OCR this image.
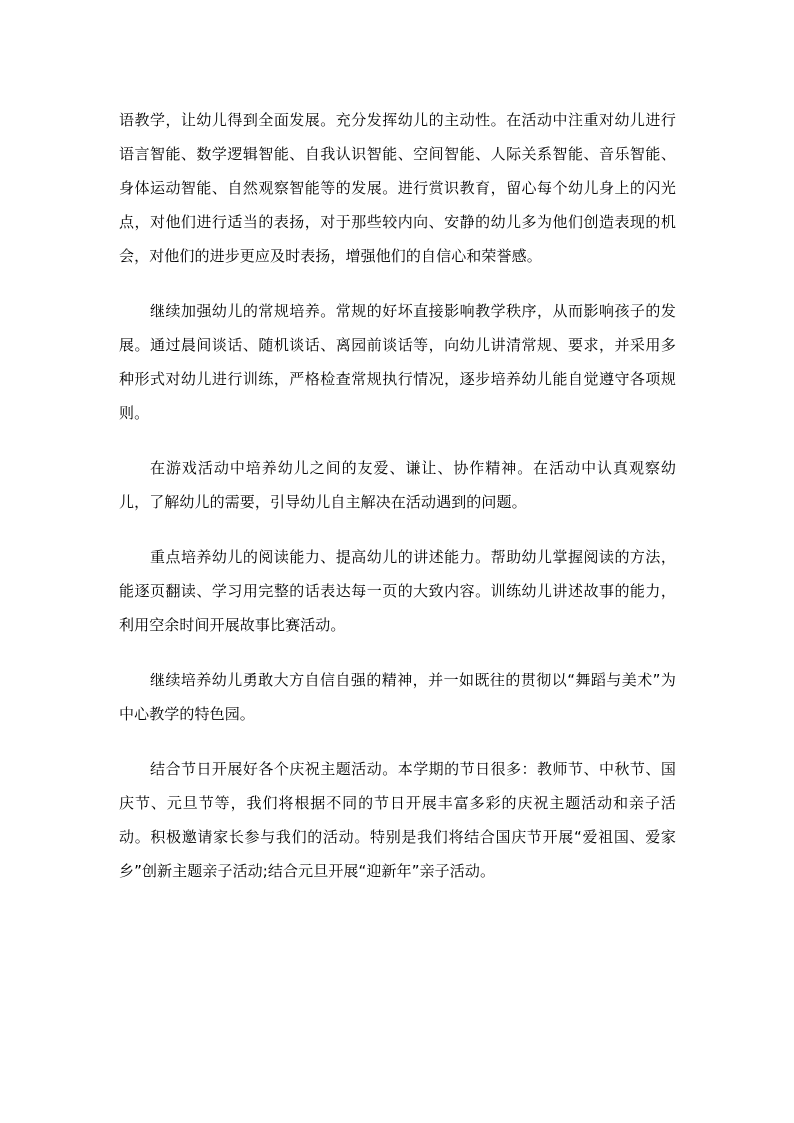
语教学，让幼儿得到全面发展。充分发挥幼儿的主动性。在活动中注重对幼儿进行语言智能、数学逻辑智能、自我认识智能、空间智能、人际关系智能、音乐智能、身体运动智能、自然观察智能等的发展。进行赏识教育，留心每个幼儿身上的闪光点，对他们进行适当的表扬，对于那些较内向、安静的幼儿多为他们创造表现的机会，对他们的进步更应及时表扬，增强他们的自信心和荣誉感。

继续加强幼儿的常规培养。常规的好坏直接影响教学秩序，从而影响孩子的发展。通过晨间谈话、随机谈话、离园前谈话等，向幼儿讲清常规、要求，并采用多种形式对幼儿进行训练，严格检查常规执行情况，逐步培养幼儿能自觉遵守各项规则。

在游戏活动中培养幼儿之间的友爱、谦让、协作精神。在活动中认真观察幼儿，了解幼儿的需要，引导幼儿自主解决在活动遇到的问题。

重点培养幼儿的阅读能力、提高幼儿的讲述能力。帮助幼儿掌握阅读的方法，能逐页翻读、学习用完整的话表达每一页的大致内容。训练幼儿讲述故事的能力，利用空余时间开展故事比赛活动。

继续培养幼儿勇敢大方自信自强的精神，并一如既往的贯彻以“舞蹈与美术”为中心教学的特色园。

结合节日开展好各个庆祝主题活动。本学期的节日很多：教师节、中秋节、国庆节、元旦节等，我们将根据不同的节日开展丰富多彩的庆祝主题活动和亲子活动。积极邀请家长参与我们的活动。特别是我们将结合国庆节开展“爱祖国、爱家乡”创新主题亲子活动;结合元旦开展“迎新年”亲子活动。
